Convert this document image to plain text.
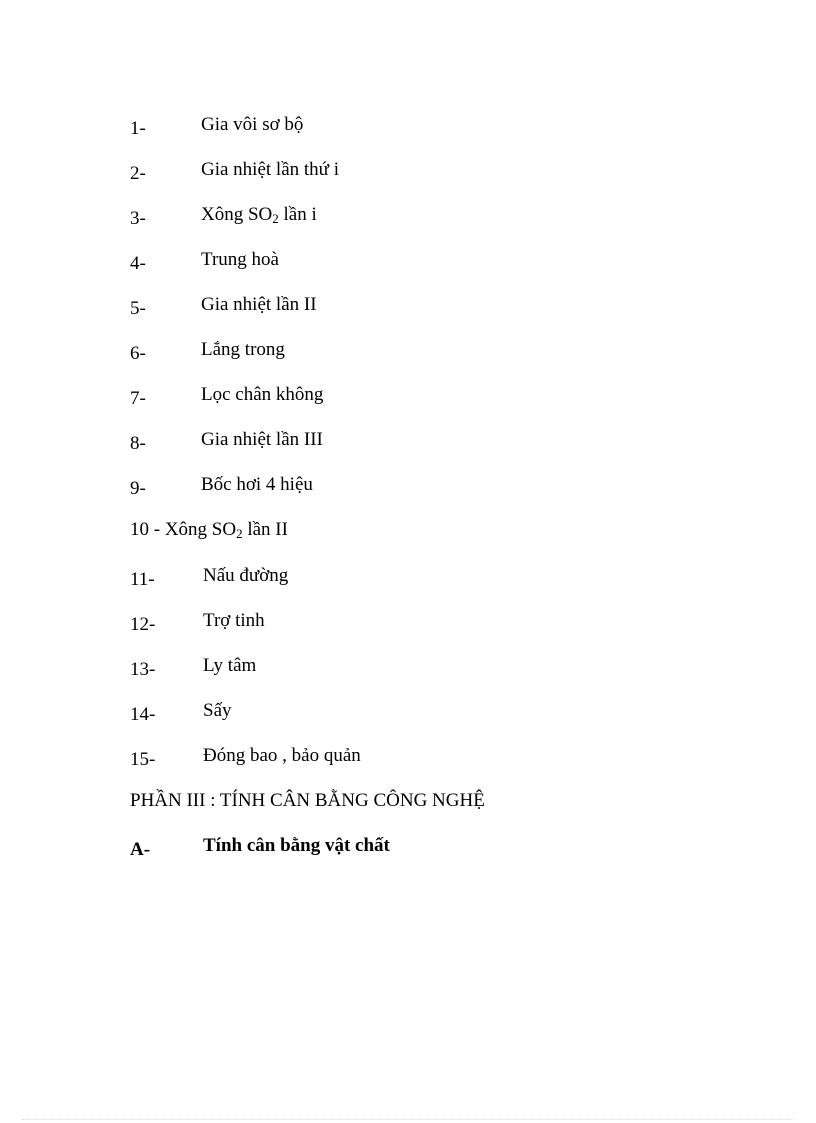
1-	Gia vôi sơ bộ
2-	Gia nhiệt lần thứ i
3-	Xông $SO_2$ lần i
4-	Trung hoà
5-	Gia nhiệt lần II
6-	Lắng trong
7-	Lọc chân không
8-	Gia nhiệt lần III
9-	Bốc hơi 4 hiệu
10 - Xông $SO_2$ lần II
11-	Nấu đường
12-	Trợ tinh
13-	Ly tâm
14-	Sấy
15-	Đóng bao , bảo quản
PHẦN III : TÍNH CÂN BẰNG CÔNG NGHỆ
A-	Tính cân bằng vật chất
